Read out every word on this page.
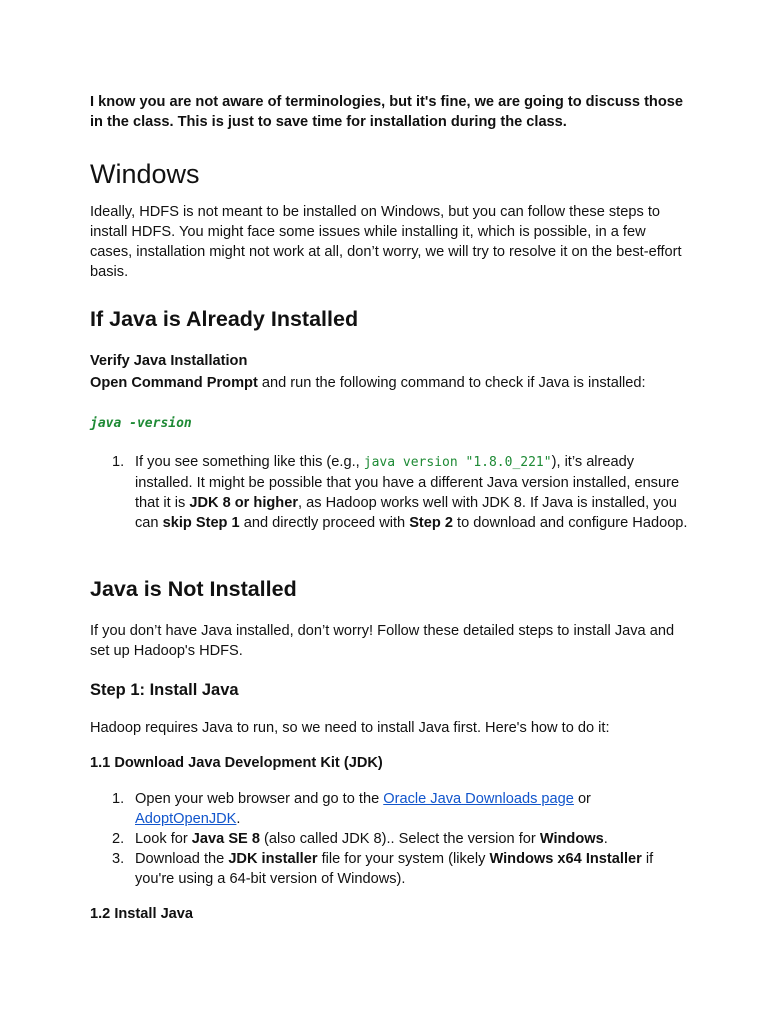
I know you are not aware of terminologies, but it's fine, we are going to discuss those in the class. This is just to save time for installation during the class.

Windows

Ideally, HDFS is not meant to be installed on Windows, but you can follow these steps to install HDFS. You might face some issues while installing it, which is possible, in a few cases, installation might not work at all, don’t worry, we will try to resolve it on the best-effort basis.

If Java is Already Installed
Verify Java Installation

Open Command Prompt and run the following command to check if Java is installed:

java -version
1. If you see something like this (e.g., java version "1.8.0_221"), it’s already installed. It might be possible that you have a different Java version installed, ensure that it is JDK 8 or higher, as Hadoop works well with JDK 8. If Java is installed, you can skip Step 1 and directly proceed with Step 2 to download and configure Hadoop.
Java is Not Installed

If you don’t have Java installed, don’t worry! Follow these detailed steps to install Java and set up Hadoop's HDFS.

Step 1: Install Java

Hadoop requires Java to run, so we need to install Java first. Here's how to do it:

1.1 Download Java Development Kit (JDK)
1. Open your web browser and go to the Oracle Java Downloads page or AdoptOpenJDK.
2. Look for Java SE 8 (also called JDK 8).. Select the version for Windows.
3. Download the JDK installer file for your system (likely Windows x64 Installer if you're using a 64-bit version of Windows).
1.2 Install Java
